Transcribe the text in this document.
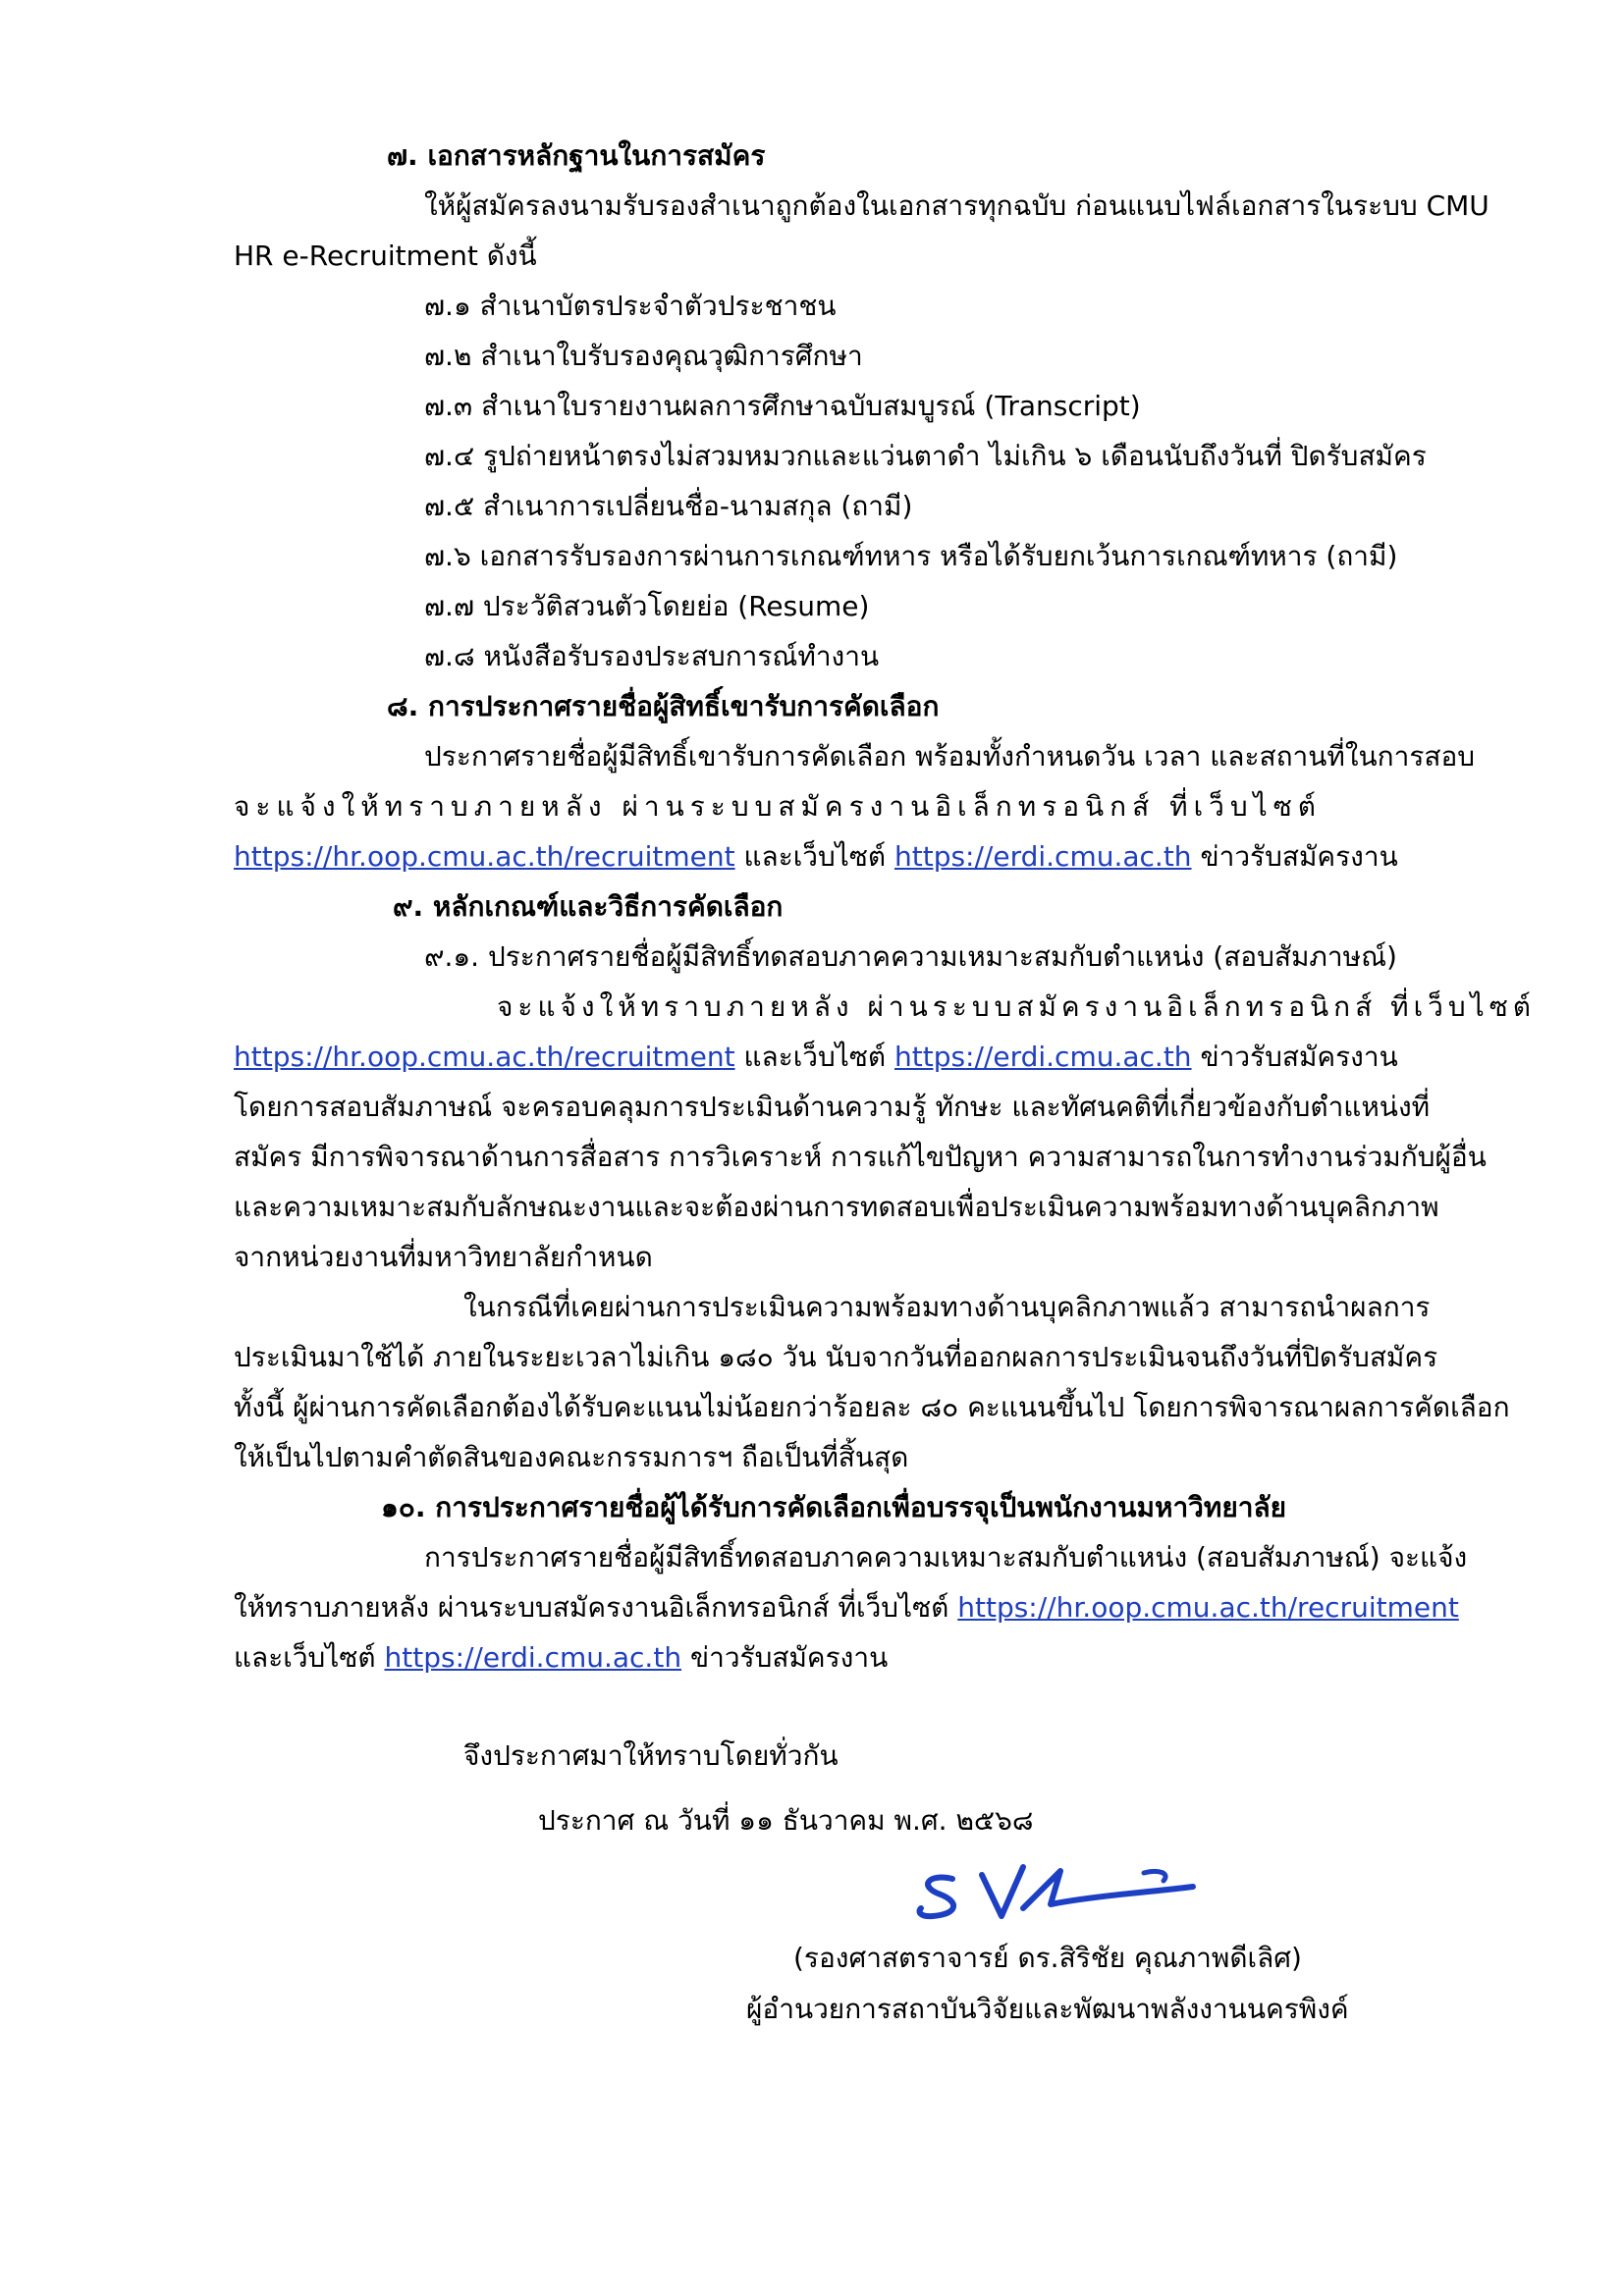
๗. เอกสารหลักฐานในการสมัคร
ให้ผู้สมัครลงนามรับรองสำเนาถูกต้องในเอกสารทุกฉบับ ก่อนแนบไฟล์เอกสารในระบบ CMU
HR e-Recruitment ดังนี้
๗.๑ สำเนาบัตรประจำตัวประชาชน
๗.๒ สำเนาใบรับรองคุณวุฒิการศึกษา
๗.๓ สำเนาใบรายงานผลการศึกษาฉบับสมบูรณ์ (Transcript)
๗.๔ รูปถ่ายหน้าตรงไม่สวมหมวกและแว่นตาดำ ไม่เกิน ๖ เดือนนับถึงวันที่ ปิดรับสมัคร
๗.๕ สำเนาการเปลี่ยนชื่อ-นามสกุล (ถามี)
๗.๖ เอกสารรับรองการผ่านการเกณฑ์ทหาร หรือได้รับยกเว้นการเกณฑ์ทหาร (ถามี)
๗.๗ ประวัติสวนตัวโดยย่อ (Resume)
๗.๘ หนังสือรับรองประสบการณ์ทำงาน
๘. การประกาศรายชื่อผู้สิทธิ์เขารับการคัดเลือก
ประกาศรายชื่อผู้มีสิทธิ์เขารับการคัดเลือก พร้อมทั้งกำหนดวัน เวลา และสถานที่ในการสอบ
จะแจ้งให้ทราบภายหลัง ผ่านระบบสมัครงานอิเล็กทรอนิกส์ ที่เว็บไซต์
https://hr.oop.cmu.ac.th/recruitment และเว็บไซต์ https://erdi.cmu.ac.th ข่าวรับสมัครงาน
๙. หลักเกณฑ์และวิธีการคัดเลือก
๙.๑. ประกาศรายชื่อผู้มีสิทธิ์ทดสอบภาคความเหมาะสมกับตำแหน่ง (สอบสัมภาษณ์)
จะแจ้งให้ทราบภายหลัง ผ่านระบบสมัครงานอิเล็กทรอนิกส์ ที่เว็บไซต์
https://hr.oop.cmu.ac.th/recruitment และเว็บไซต์ https://erdi.cmu.ac.th ข่าวรับสมัครงาน
โดยการสอบสัมภาษณ์ จะครอบคลุมการประเมินด้านความรู้ ทักษะ และทัศนคติที่เกี่ยวข้องกับตำแหน่งที่
สมัคร มีการพิจารณาด้านการสื่อสาร การวิเคราะห์ การแก้ไขปัญหา ความสามารถในการทำงานร่วมกับผู้อื่น
และความเหมาะสมกับลักษณะงานและจะต้องผ่านการทดสอบเพื่อประเมินความพร้อมทางด้านบุคลิกภาพ
จากหน่วยงานที่มหาวิทยาลัยกำหนด
ในกรณีที่เคยผ่านการประเมินความพร้อมทางด้านบุคลิกภาพแล้ว สามารถนำผลการ
ประเมินมาใช้ได้ ภายในระยะเวลาไม่เกิน ๑๘๐ วัน นับจากวันที่ออกผลการประเมินจนถึงวันที่ปิดรับสมัคร
ทั้งนี้ ผู้ผ่านการคัดเลือกต้องได้รับคะแนนไม่น้อยกว่าร้อยละ ๘๐ คะแนนขึ้นไป โดยการพิจารณาผลการคัดเลือก
ให้เป็นไปตามคำตัดสินของคณะกรรมการฯ ถือเป็นที่สิ้นสุด
๑๐. การประกาศรายชื่อผู้ได้รับการคัดเลือกเพื่อบรรจุเป็นพนักงานมหาวิทยาลัย
การประกาศรายชื่อผู้มีสิทธิ์ทดสอบภาคความเหมาะสมกับตำแหน่ง (สอบสัมภาษณ์) จะแจ้ง
ให้ทราบภายหลัง ผ่านระบบสมัครงานอิเล็กทรอนิกส์ ที่เว็บไซต์ https://hr.oop.cmu.ac.th/recruitment
และเว็บไซต์ https://erdi.cmu.ac.th ข่าวรับสมัครงาน
จึงประกาศมาให้ทราบโดยทั่วกัน
ประกาศ ณ วันที่ ๑๑ ธันวาคม พ.ศ. ๒๕๖๘
(รองศาสตราจารย์ ดร.สิริชัย คุณภาพดีเลิศ)
ผู้อำนวยการสถาบันวิจัยและพัฒนาพลังงานนครพิงค์
